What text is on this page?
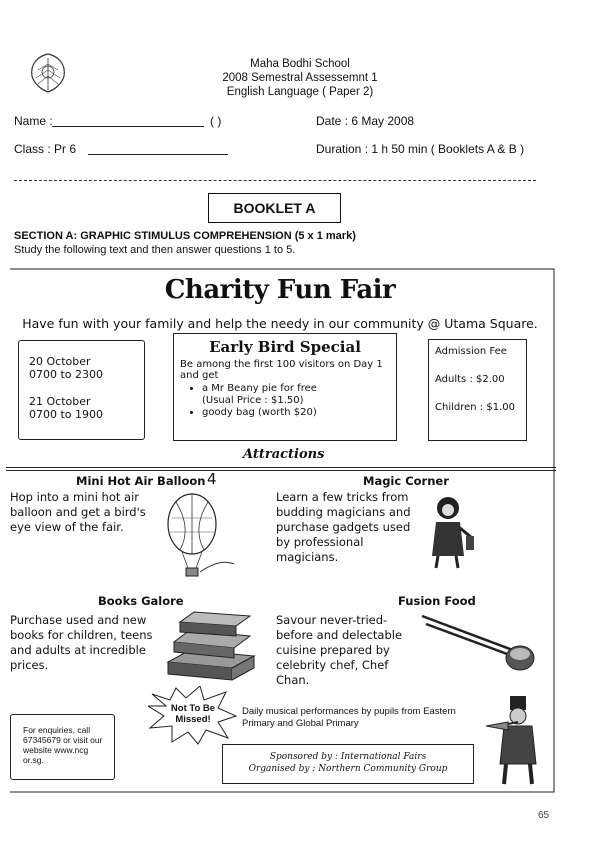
Maha Bodhi School
2008 Semestral Assessemnt 1
English Language ( Paper 2)
Name :	( )	Date : 6 May 2008
Class : Pr 6	Duration : 1 h 50 min ( Booklets A & B )
BOOKLET A
SECTION A: GRAPHIC STIMULUS COMPREHENSION (5 x 1 mark)
Study the following text and then answer questions 1 to 5.
Charity Fun Fair
Have fun with your family and help the needy in our community @ Utama Square.
20 October
0700 to 2300
21 October
0700 to 1900
Early Bird Special
Be among the first 100 visitors on Day 1 and get
• a Mr Beany pie for free
(Usual Price : $1.50)
• goody bag (worth $20)
Admission Fee
Adults : $2.00
Children : $1.00
Attractions
Mini Hot Air Balloon 4
Hop into a mini hot air balloon and get a bird's eye view of the fair.
Magic Corner
Learn a few tricks from budding magicians and purchase gadgets used by professional magicians.
Books Galore
Purchase used and new books for children, teens and adults at incredible prices.
Fusion Food
Savour never-tried-before and delectable cuisine prepared by celebrity chef, Chef Chan.
Not To Be Missed!
Daily musical performances by pupils from Eastern Primary and Global Primary
For enquiries, call 67345679 or visit our website www.ncg or.sg.	Sponsored by : International Fairs
Organised by : Northern Community Group
65
